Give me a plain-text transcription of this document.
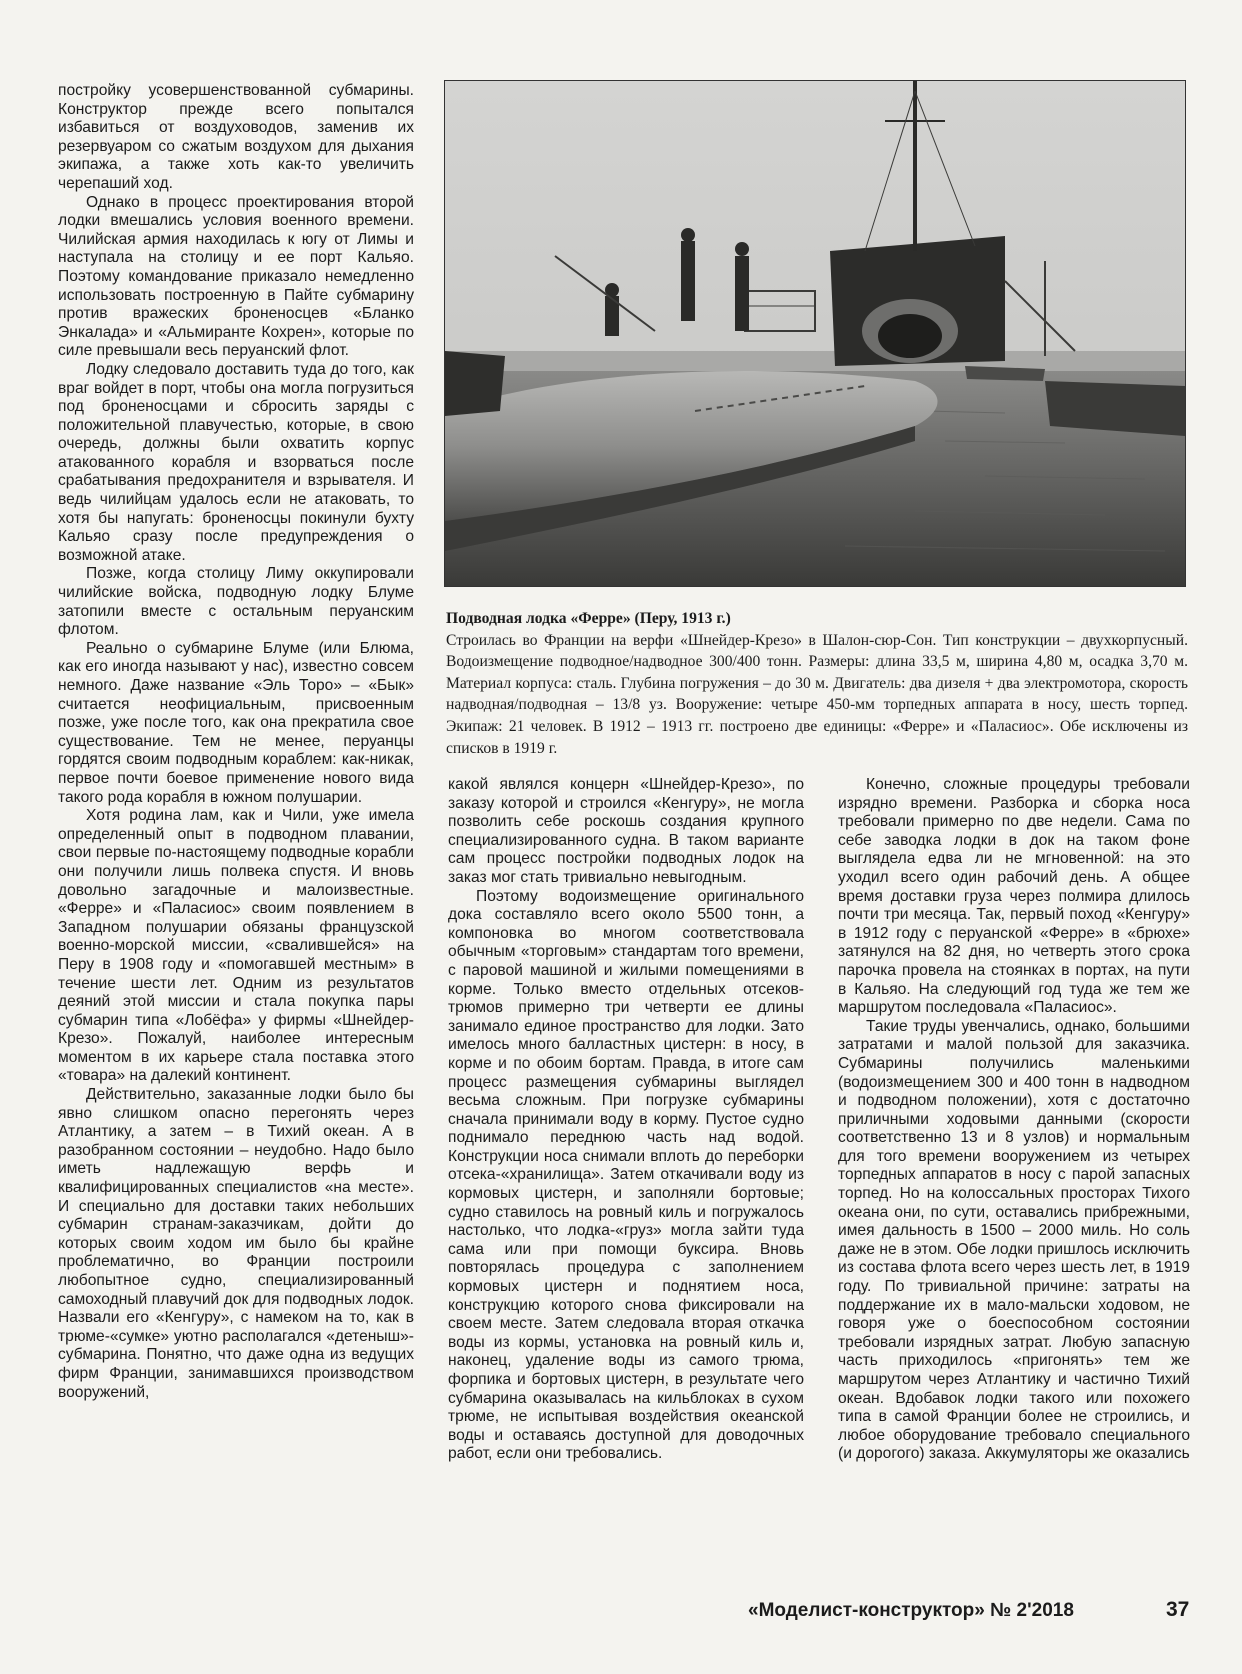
постройку усовершенствованной субмарины. Конструктор прежде всего попытался избавиться от воздуховодов, заменив их резервуаром со сжатым воздухом для дыхания экипажа, а также хоть как-то увеличить черепаший ход.

Однако в процесс проектирования второй лодки вмешались условия военного времени. Чилийская армия находилась к югу от Лимы и наступала на столицу и ее порт Кальяо. Поэтому командование приказало немедленно использовать построенную в Пайте субмарину против вражеских броненосцев «Бланко Энкалада» и «Альмиранте Кохрен», которые по силе превышали весь перуанский флот.

Лодку следовало доставить туда до того, как враг войдет в порт, чтобы она могла погрузиться под броненосцами и сбросить заряды с положительной плавучестью, которые, в свою очередь, должны были охватить корпус атакованного корабля и взорваться после срабатывания предохранителя и взрывателя. И ведь чилийцам удалось если не атаковать, то хотя бы напугать: броненосцы покинули бухту Кальяо сразу после предупреждения о возможной атаке.

Позже, когда столицу Лиму оккупировали чилийские войска, подводную лодку Блуме затопили вместе с остальным перуанским флотом.

Реально о субмарине Блуме (или Блюма, как его иногда называют у нас), известно совсем немного. Даже название «Эль Торо» – «Бык» считается неофициальным, присвоенным позже, уже после того, как она прекратила свое существование. Тем не менее, перуанцы гордятся своим подводным кораблем: как-никак, первое почти боевое применение нового вида такого рода корабля в южном полушарии.

Хотя родина лам, как и Чили, уже имела определенный опыт в подводном плавании, свои первые по-настоящему подводные корабли они получили лишь полвека спустя. И вновь довольно загадочные и малоизвестные. «Ферре» и «Паласиос» своим появлением в Западном полушарии обязаны французской военно-морской миссии, «свалившейся» на Перу в 1908 году и «помогавшей местным» в течение шести лет. Одним из результатов деяний этой миссии и стала покупка пары субмарин типа «Лобёфа» у фирмы «Шнейдер-Крезо». Пожалуй, наиболее интересным моментом в их карьере стала поставка этого «товара» на далекий континент.

Действительно, заказанные лодки было бы явно слишком опасно перегонять через Атлантику, а затем – в Тихий океан. А в разобранном состоянии – неудобно. Надо было иметь надлежащую верфь и квалифицированных специалистов «на месте». И специально для доставки таких небольших субмарин странам-заказчикам, дойти до которых своим ходом им было бы крайне проблематично, во Франции построили любопытное судно, специализированный самоходный плавучий док для подводных лодок. Назвали его «Кенгуру», с намеком на то, как в трюме-«сумке» уютно располагался «детеныш»-субмарина. Понятно, что даже одна из ведущих фирм Франции, занимавшихся производством вооружений,

Подводная лодка «Ферре» (Перу, 1913 г.)
Строилась во Франции на верфи «Шнейдер-Крезо» в Шалон-сюр-Сон. Тип конструкции – двухкорпусный. Водоизмещение подводное/надводное 300/400 тонн. Размеры: длина 33,5 м, ширина 4,80 м, осадка 3,70 м. Материал корпуса: сталь. Глубина погружения – до 30 м. Двигатель: два дизеля + два электромотора, скорость надводная/подводная – 13/8 уз. Вооружение: четыре 450-мм торпедных аппарата в носу, шесть торпед. Экипаж: 21 человек. В 1912 – 1913 гг. построено две единицы: «Ферре» и «Паласиос». Обе исключены из списков в 1919 г.

какой являлся концерн «Шнейдер-Крезо», по заказу которой и строился «Кенгуру», не могла позволить себе роскошь создания крупного специализированного судна. В таком варианте сам процесс постройки подводных лодок на заказ мог стать тривиально невыгодным.

Поэтому водоизмещение оригинального дока составляло всего около 5500 тонн, а компоновка во многом соответствовала обычным «торговым» стандартам того времени, с паровой машиной и жилыми помещениями в корме. Только вместо отдельных отсеков-трюмов примерно три четверти ее длины занимало единое пространство для лодки. Зато имелось много балластных цистерн: в носу, в корме и по обоим бортам. Правда, в итоге сам процесс размещения субмарины выглядел весьма сложным. При погрузке субмарины сначала принимали воду в корму. Пустое судно поднимало переднюю часть над водой. Конструкции носа снимали вплоть до переборки отсека-«хранилища». Затем откачивали воду из кормовых цистерн, и заполняли бортовые; судно ставилось на ровный киль и погружалось настолько, что лодка-«груз» могла зайти туда сама или при помощи буксира. Вновь повторялась процедура с заполнением кормовых цистерн и поднятием носа, конструкцию которого снова фиксировали на своем месте. Затем следовала вторая откачка воды из кормы, установка на ровный киль и, наконец, удаление воды из самого трюма, форпика и бортовых цистерн, в результате чего субмарина оказывалась на кильблоках в сухом трюме, не испытывая воздействия океанской воды и оставаясь доступной для доводочных работ, если они требовались.

Конечно, сложные процедуры требовали изрядно времени. Разборка и сборка носа требовали примерно по две недели. Сама по себе заводка лодки в док на таком фоне выглядела едва ли не мгновенной: на это уходил всего один рабочий день. А общее время доставки груза через полмира длилось почти три месяца. Так, первый поход «Кенгуру» в 1912 году с перуанской «Ферре» в «брюхе» затянулся на 82 дня, но четверть этого срока парочка провела на стоянках в портах, на пути в Кальяо. На следующий год туда же тем же маршрутом последовала «Паласиос».

Такие труды увенчались, однако, большими затратами и малой пользой для заказчика. Субмарины получились маленькими (водоизмещением 300 и 400 тонн в надводном и подводном положении), хотя с достаточно приличными ходовыми данными (скорости соответственно 13 и 8 узлов) и нормальным для того времени вооружением из четырех торпедных аппаратов в носу с парой запасных торпед. Но на колоссальных просторах Тихого океана они, по сути, оставались прибрежными, имея дальность в 1500 – 2000 миль. Но соль даже не в этом. Обе лодки пришлось исключить из состава флота всего через шесть лет, в 1919 году. По тривиальной причине: затраты на поддержание их в мало-мальски ходовом, не говоря уже о боеспособном состоянии требовали изрядных затрат. Любую запасную часть приходилось «пригонять» тем же маршрутом через Атлантику и частично Тихий океан. Вдобавок лодки такого или похожего типа в самой Франции более не строились, и любое оборудование требовало специального (и дорогого) заказа. Аккумуляторы же оказались

«Моделист-конструктор» № 2'2018	37
